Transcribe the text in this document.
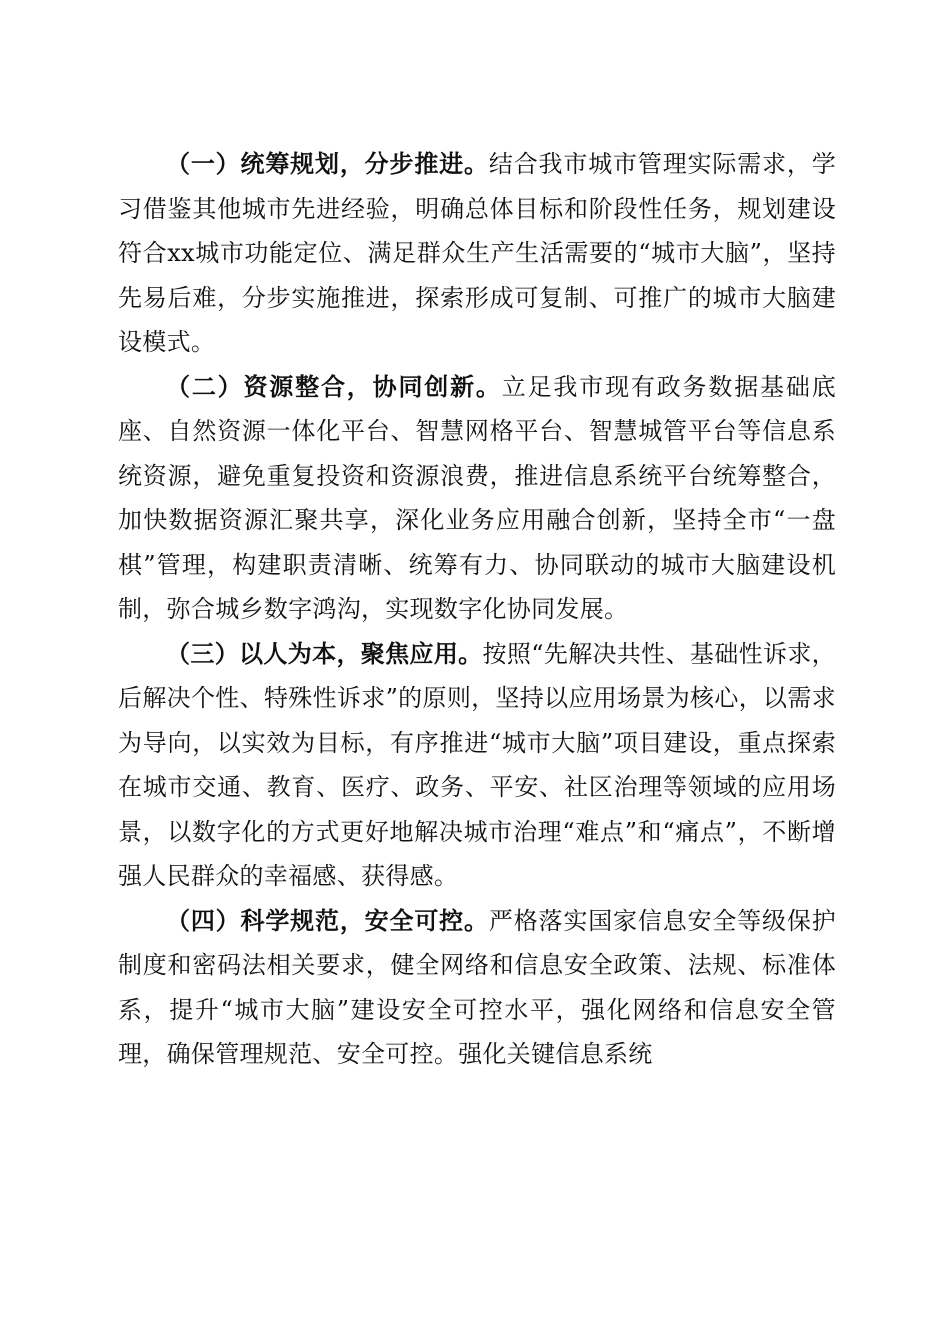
（一）统筹规划，分步推进。结合我市城市管理实际需求，学习借鉴其他城市先进经验，明确总体目标和阶段性任务，规划建设符合xx城市功能定位、满足群众生产生活需要的“城市大脑”，坚持先易后难，分步实施推进，探索形成可复制、可推广的城市大脑建设模式。

（二）资源整合，协同创新。立足我市现有政务数据基础底座、自然资源一体化平台、智慧网格平台、智慧城管平台等信息系统资源，避免重复投资和资源浪费，推进信息系统平台统筹整合，加快数据资源汇聚共享，深化业务应用融合创新，坚持全市“一盘棋”管理，构建职责清晰、统筹有力、协同联动的城市大脑建设机制，弥合城乡数字鸿沟，实现数字化协同发展。

（三）以人为本，聚焦应用。按照“先解决共性、基础性诉求，后解决个性、特殊性诉求”的原则，坚持以应用场景为核心，以需求为导向，以实效为目标，有序推进“城市大脑”项目建设，重点探索在城市交通、教育、医疗、政务、平安、社区治理等领域的应用场景，以数字化的方式更好地解决城市治理“难点”和“痛点”，不断增强人民群众的幸福感、获得感。

（四）科学规范，安全可控。严格落实国家信息安全等级保护制度和密码法相关要求，健全网络和信息安全政策、法规、标准体系，提升“城市大脑”建设安全可控水平，强化网络和信息安全管理，确保管理规范、安全可控。强化关键信息系统
